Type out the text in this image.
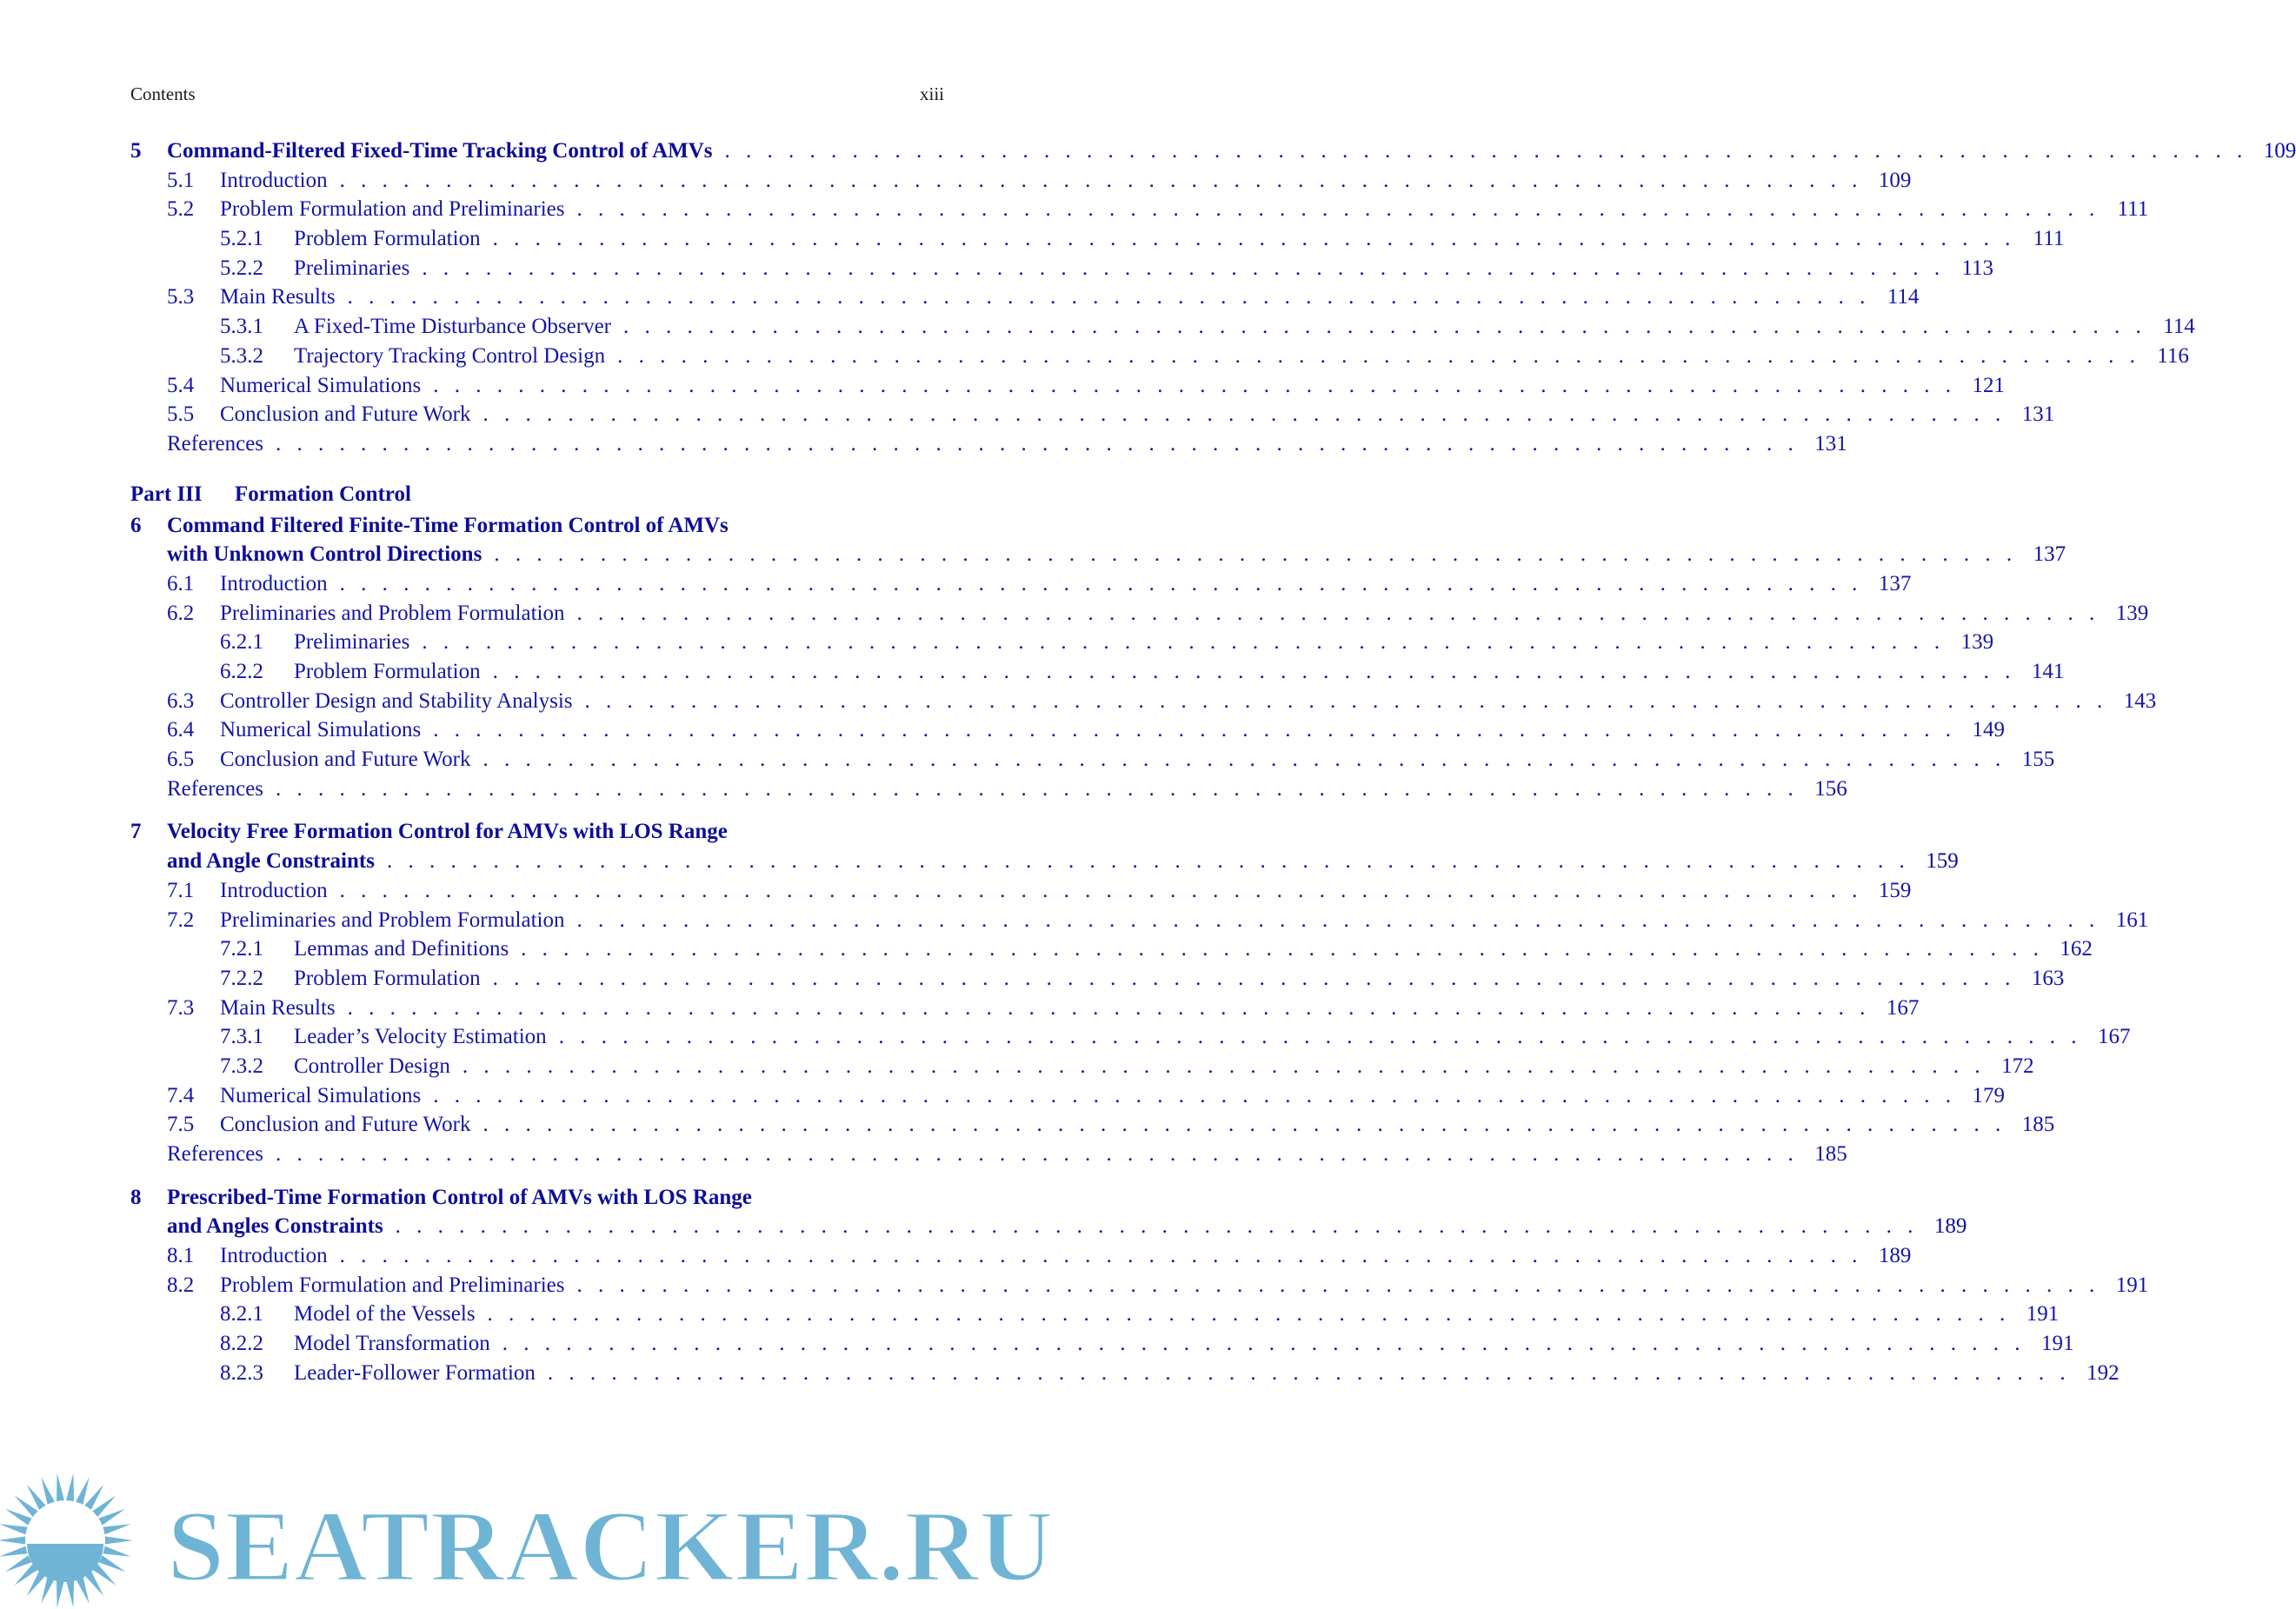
Contents	xiii
5	Command-Filtered Fixed-Time Tracking Control of AMVs . . . . . . . . . . . . . . . . . . . . . . . . . . . . . . . . . . . . . . . . . . . . . . . . . . . . . . . . . . . . . . . . . . . . . . . . 109
5.1	Introduction . . . . . . . . . . . . . . . . . . . . . . . . . . . . . . . . . . . . . . . . . . . . . . . . . . . . . . . . . . . . . . . . . . . . . . . . 109
5.2	Problem Formulation and Preliminaries . . . . . . . . . . . . . . . . . . . . . . . . . . . . . . . . . . . . . . . . . . . . . . . . . . . . . . . . . . . . . . . . . . . . . . . . 111
5.2.1	Problem Formulation . . . . . . . . . . . . . . . . . . . . . . . . . . . . . . . . . . . . . . . . . . . . . . . . . . . . . . . . . . . . . . . . . . . . . . . . 111
5.2.2	Preliminaries . . . . . . . . . . . . . . . . . . . . . . . . . . . . . . . . . . . . . . . . . . . . . . . . . . . . . . . . . . . . . . . . . . . . . . . . 113
5.3	Main Results . . . . . . . . . . . . . . . . . . . . . . . . . . . . . . . . . . . . . . . . . . . . . . . . . . . . . . . . . . . . . . . . . . . . . . . . 114
5.3.1	A Fixed-Time Disturbance Observer . . . . . . . . . . . . . . . . . . . . . . . . . . . . . . . . . . . . . . . . . . . . . . . . . . . . . . . . . . . . . . . . . . . . . . . . 114
5.3.2	Trajectory Tracking Control Design . . . . . . . . . . . . . . . . . . . . . . . . . . . . . . . . . . . . . . . . . . . . . . . . . . . . . . . . . . . . . . . . . . . . . . . . 116
5.4	Numerical Simulations . . . . . . . . . . . . . . . . . . . . . . . . . . . . . . . . . . . . . . . . . . . . . . . . . . . . . . . . . . . . . . . . . . . . . . . . 121
5.5	Conclusion and Future Work . . . . . . . . . . . . . . . . . . . . . . . . . . . . . . . . . . . . . . . . . . . . . . . . . . . . . . . . . . . . . . . . . . . . . . . . 131
References . . . . . . . . . . . . . . . . . . . . . . . . . . . . . . . . . . . . . . . . . . . . . . . . . . . . . . . . . . . . . . . . . . . . . . . . 131
Part III	Formation Control
6	Command Filtered Finite-Time Formation Control of AMVs
with Unknown Control Directions . . . . . . . . . . . . . . . . . . . . . . . . . . . . . . . . . . . . . . . . . . . . . . . . . . . . . . . . . . . . . . . . . . . . . . . . 137
6.1	Introduction . . . . . . . . . . . . . . . . . . . . . . . . . . . . . . . . . . . . . . . . . . . . . . . . . . . . . . . . . . . . . . . . . . . . . . . . 137
6.2	Preliminaries and Problem Formulation . . . . . . . . . . . . . . . . . . . . . . . . . . . . . . . . . . . . . . . . . . . . . . . . . . . . . . . . . . . . . . . . . . . . . . . . 139
6.2.1	Preliminaries . . . . . . . . . . . . . . . . . . . . . . . . . . . . . . . . . . . . . . . . . . . . . . . . . . . . . . . . . . . . . . . . . . . . . . . . 139
6.2.2	Problem Formulation . . . . . . . . . . . . . . . . . . . . . . . . . . . . . . . . . . . . . . . . . . . . . . . . . . . . . . . . . . . . . . . . . . . . . . . . 141
6.3	Controller Design and Stability Analysis . . . . . . . . . . . . . . . . . . . . . . . . . . . . . . . . . . . . . . . . . . . . . . . . . . . . . . . . . . . . . . . . . . . . . . . . 143
6.4	Numerical Simulations . . . . . . . . . . . . . . . . . . . . . . . . . . . . . . . . . . . . . . . . . . . . . . . . . . . . . . . . . . . . . . . . . . . . . . . . 149
6.5	Conclusion and Future Work . . . . . . . . . . . . . . . . . . . . . . . . . . . . . . . . . . . . . . . . . . . . . . . . . . . . . . . . . . . . . . . . . . . . . . . . 155
References . . . . . . . . . . . . . . . . . . . . . . . . . . . . . . . . . . . . . . . . . . . . . . . . . . . . . . . . . . . . . . . . . . . . . . . . 156
7	Velocity Free Formation Control for AMVs with LOS Range
and Angle Constraints . . . . . . . . . . . . . . . . . . . . . . . . . . . . . . . . . . . . . . . . . . . . . . . . . . . . . . . . . . . . . . . . . . . . . . . . 159
7.1	Introduction . . . . . . . . . . . . . . . . . . . . . . . . . . . . . . . . . . . . . . . . . . . . . . . . . . . . . . . . . . . . . . . . . . . . . . . . 159
7.2	Preliminaries and Problem Formulation . . . . . . . . . . . . . . . . . . . . . . . . . . . . . . . . . . . . . . . . . . . . . . . . . . . . . . . . . . . . . . . . . . . . . . . . 161
7.2.1	Lemmas and Definitions . . . . . . . . . . . . . . . . . . . . . . . . . . . . . . . . . . . . . . . . . . . . . . . . . . . . . . . . . . . . . . . . . . . . . . . . 162
7.2.2	Problem Formulation . . . . . . . . . . . . . . . . . . . . . . . . . . . . . . . . . . . . . . . . . . . . . . . . . . . . . . . . . . . . . . . . . . . . . . . . 163
7.3	Main Results . . . . . . . . . . . . . . . . . . . . . . . . . . . . . . . . . . . . . . . . . . . . . . . . . . . . . . . . . . . . . . . . . . . . . . . . 167
7.3.1	Leader’s Velocity Estimation . . . . . . . . . . . . . . . . . . . . . . . . . . . . . . . . . . . . . . . . . . . . . . . . . . . . . . . . . . . . . . . . . . . . . . . . 167
7.3.2	Controller Design . . . . . . . . . . . . . . . . . . . . . . . . . . . . . . . . . . . . . . . . . . . . . . . . . . . . . . . . . . . . . . . . . . . . . . . . 172
7.4	Numerical Simulations . . . . . . . . . . . . . . . . . . . . . . . . . . . . . . . . . . . . . . . . . . . . . . . . . . . . . . . . . . . . . . . . . . . . . . . . 179
7.5	Conclusion and Future Work . . . . . . . . . . . . . . . . . . . . . . . . . . . . . . . . . . . . . . . . . . . . . . . . . . . . . . . . . . . . . . . . . . . . . . . . 185
References . . . . . . . . . . . . . . . . . . . . . . . . . . . . . . . . . . . . . . . . . . . . . . . . . . . . . . . . . . . . . . . . . . . . . . . . 185
8	Prescribed-Time Formation Control of AMVs with LOS Range
and Angles Constraints . . . . . . . . . . . . . . . . . . . . . . . . . . . . . . . . . . . . . . . . . . . . . . . . . . . . . . . . . . . . . . . . . . . . . . . . 189
8.1	Introduction . . . . . . . . . . . . . . . . . . . . . . . . . . . . . . . . . . . . . . . . . . . . . . . . . . . . . . . . . . . . . . . . . . . . . . . . 189
8.2	Problem Formulation and Preliminaries . . . . . . . . . . . . . . . . . . . . . . . . . . . . . . . . . . . . . . . . . . . . . . . . . . . . . . . . . . . . . . . . . . . . . . . . 191
8.2.1	Model of the Vessels . . . . . . . . . . . . . . . . . . . . . . . . . . . . . . . . . . . . . . . . . . . . . . . . . . . . . . . . . . . . . . . . . . . . . . . . 191
8.2.2	Model Transformation . . . . . . . . . . . . . . . . . . . . . . . . . . . . . . . . . . . . . . . . . . . . . . . . . . . . . . . . . . . . . . . . . . . . . . . . 191
8.2.3	Leader-Follower Formation . . . . . . . . . . . . . . . . . . . . . . . . . . . . . . . . . . . . . . . . . . . . . . . . . . . . . . . . . . . . . . . . . . . . . . . . 192
SEATRACKER.RU
